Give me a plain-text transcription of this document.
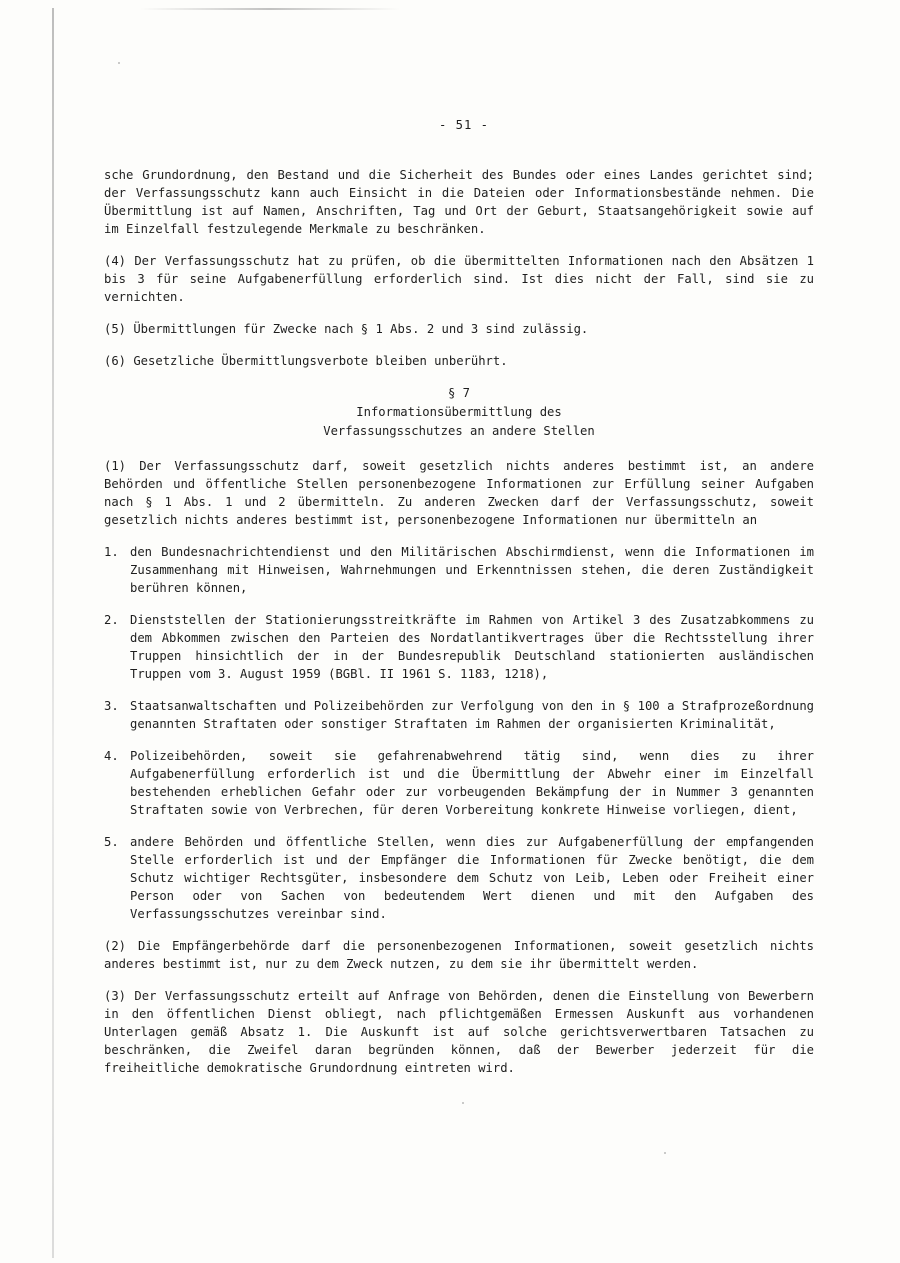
- 51 -

sche Grundordnung, den Bestand und die Sicherheit des Bundes oder eines Landes gerichtet sind; der Verfassungsschutz kann auch Einsicht in die Dateien oder Informationsbestände nehmen. Die Übermittlung ist auf Namen, Anschriften, Tag und Ort der Geburt, Staatsangehörigkeit sowie auf im Einzelfall festzulegende Merkmale zu beschränken.

(4) Der Verfassungsschutz hat zu prüfen, ob die übermittelten Informationen nach den Absätzen 1 bis 3 für seine Aufgabenerfüllung erforderlich sind. Ist dies nicht der Fall, sind sie zu vernichten.

(5) Übermittlungen für Zwecke nach § 1 Abs. 2 und 3 sind zulässig.

(6) Gesetzliche Übermittlungsverbote bleiben unberührt.

§ 7
Informationsübermittlung des
Verfassungsschutzes an andere Stellen

(1) Der Verfassungsschutz darf, soweit gesetzlich nichts anderes bestimmt ist, an andere Behörden und öffentliche Stellen personenbezogene Informationen zur Erfüllung seiner Aufgaben nach § 1 Abs. 1 und 2 übermitteln. Zu anderen Zwecken darf der Verfassungsschutz, soweit gesetzlich nichts anderes bestimmt ist, personenbezogene Informationen nur übermitteln an

1. den Bundesnachrichtendienst und den Militärischen Abschirmdienst, wenn die Informationen im Zusammenhang mit Hinweisen, Wahrnehmungen und Erkenntnissen stehen, die deren Zuständigkeit berühren können,
2. Dienststellen der Stationierungsstreitkräfte im Rahmen von Artikel 3 des Zusatzabkommens zu dem Abkommen zwischen den Parteien des Nordatlantikvertrages über die Rechtsstellung ihrer Truppen hinsichtlich der in der Bundesrepublik Deutschland stationierten ausländischen Truppen vom 3. August 1959 (BGBl. II 1961 S. 1183, 1218),
3. Staatsanwaltschaften und Polizeibehörden zur Verfolgung von den in § 100 a Strafprozeßordnung genannten Straftaten oder sonstiger Straftaten im Rahmen der organisierten Kriminalität,
4. Polizeibehörden, soweit sie gefahrenabwehrend tätig sind, wenn dies zu ihrer Aufgabenerfüllung erforderlich ist und die Übermittlung der Abwehr einer im Einzelfall bestehenden erheblichen Gefahr oder zur vorbeugenden Bekämpfung der in Nummer 3 genannten Straftaten sowie von Verbrechen, für deren Vorbereitung konkrete Hinweise vorliegen, dient,
5. andere Behörden und öffentliche Stellen, wenn dies zur Aufgabenerfüllung der empfangenden Stelle erforderlich ist und der Empfänger die Informationen für Zwecke benötigt, die dem Schutz wichtiger Rechtsgüter, insbesondere dem Schutz von Leib, Leben oder Freiheit einer Person oder von Sachen von bedeutendem Wert dienen und mit den Aufgaben des Verfassungsschutzes vereinbar sind.

(2) Die Empfängerbehörde darf die personenbezogenen Informationen, soweit gesetzlich nichts anderes bestimmt ist, nur zu dem Zweck nutzen, zu dem sie ihr übermittelt werden.

(3) Der Verfassungsschutz erteilt auf Anfrage von Behörden, denen die Einstellung von Bewerbern in den öffentlichen Dienst obliegt, nach pflichtgemäßen Ermessen Auskunft aus vorhandenen Unterlagen gemäß Absatz 1. Die Auskunft ist auf solche gerichtsverwertbaren Tatsachen zu beschränken, die Zweifel daran begründen können, daß der Bewerber jederzeit für die freiheitliche demokratische Grundordnung eintreten wird.
